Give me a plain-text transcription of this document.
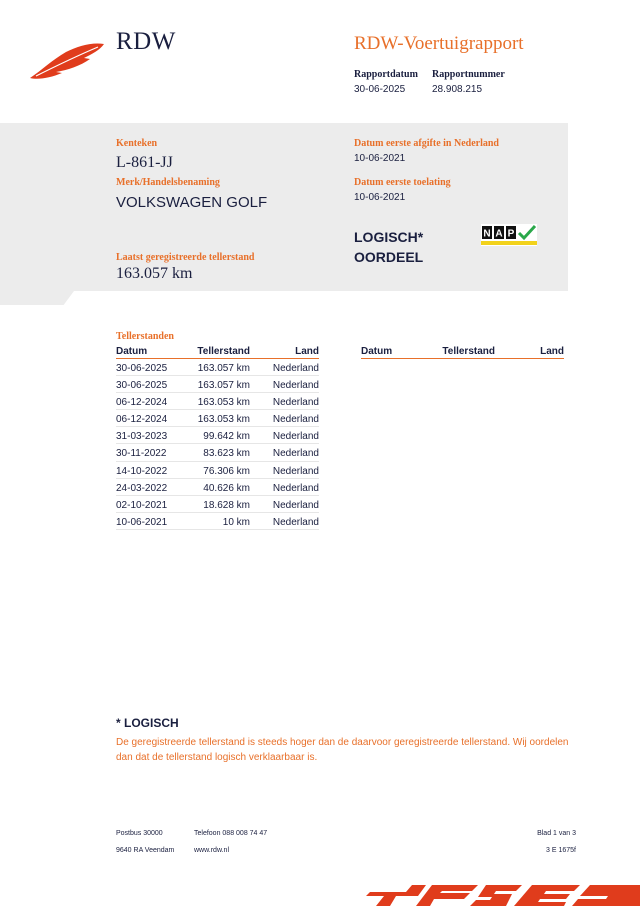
RDW	RDW-Voertuigrapport
Rapportdatum Rapportnummer
30-06-2025	28.908.215
Kenteken
L-861-JJ
Merk/Handelsbenaming
VOLKSWAGEN GOLF
Laatst geregistreerde tellerstand
163.057 km
Datum eerste afgifte in Nederland
10-06-2021
Datum eerste toelating
10-06-2021
LOGISCH*
OORDEEL
N A P
Tellerstanden
Datum	Tellerstand	Land
30-06-2025	163.057 km Nederland
30-06-2025	163.057 km Nederland
06-12-2024	163.053 km Nederland
06-12-2024	163.053 km Nederland
31-03-2023	99.642 km Nederland
30-11-2022	83.623 km Nederland
14-10-2022	76.306 km Nederland
24-03-2022	40.626 km Nederland
02-10-2021	18.628 km Nederland
10-06-2021	10 km Nederland
Datum	Tellerstand	Land
* LOGISCH
De geregistreerde tellerstand is steeds hoger dan de daarvoor geregistreerde tellerstand. Wij oordelen dan dat de tellerstand logisch verklaarbaar is.
Postbus 30000
9640 RA Veendam
Telefoon 088 008 74 47
www.rdw.nl
Blad 1 van 3
3 E 1675f
